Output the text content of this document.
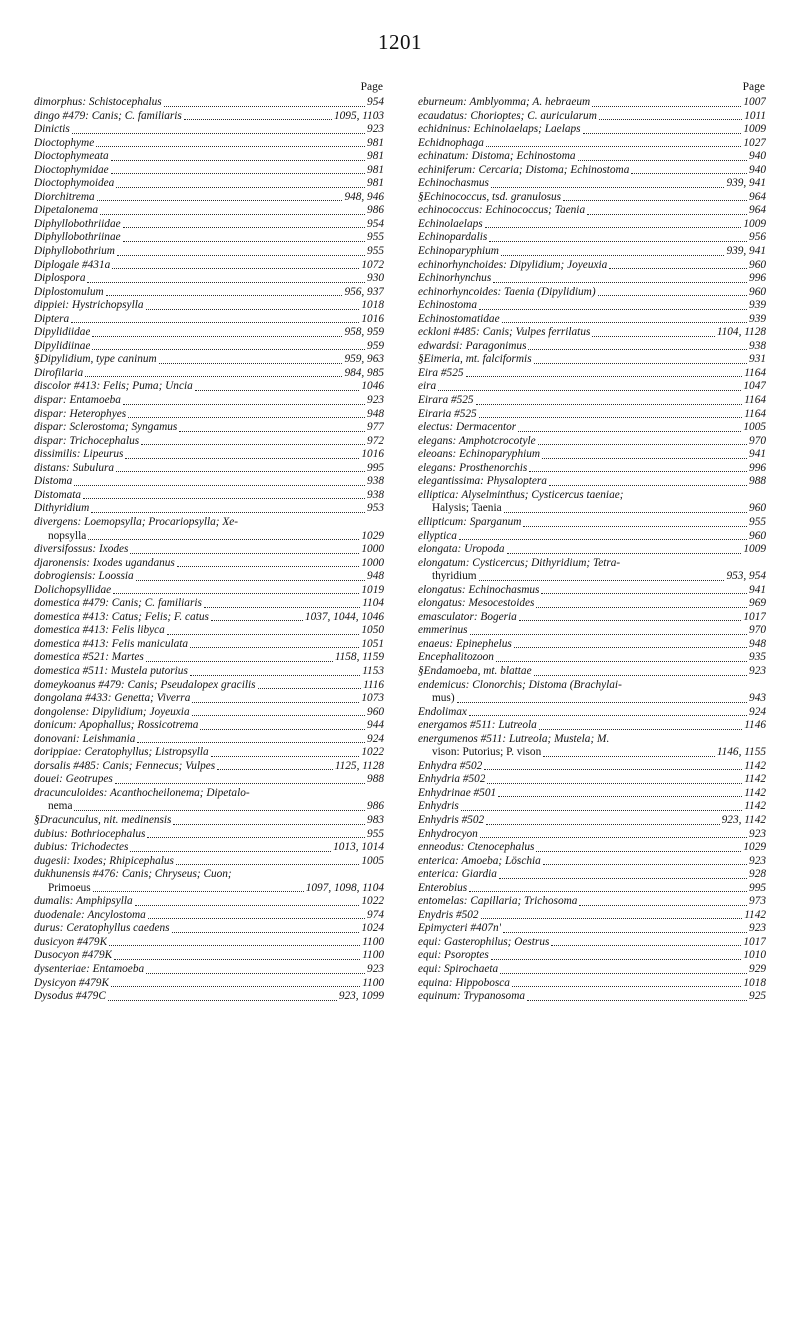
1201
Page
dimorphus: Schistocephalus	954
dingo #479: Canis; C. familiaris	1095, 1103
Dinictis	923
Dioctophyme	981
Dioctophymeata	981
Dioctophymidae	981
Dioctophymoidea	981
Diorchitrema	948, 946
Dipetalonema	986
Diphyllobothriidae	954
Diphyllobothriinae	955
Diphyllobothrium	955
Diplogale #431a	1072
Diplospora	930
Diplostomulum	956, 937
dippiei: Hystrichopsylla	1018
Diptera	1016
Dipylidiidae	958, 959
Dipylidiinae	959
§Dipylidium, type caninum	959, 963
Dirofilaria	984, 985
discolor #413: Felis; Puma; Uncia	1046
dispar: Entamoeba	923
dispar: Heterophyes	948
dispar: Sclerostoma; Syngamus	977
dispar: Trichocephalus	972
dissimilis: Lipeurus	1016
distans: Subulura	995
Distoma	938
Distomata	938
Dithyridium	953
divergens: Loemopsylla; Procariopsylla; Xe-
nopsylla	1029
diversifossus: Ixodes	1000
djaronensis: Ixodes ugandanus	1000
dobrogiensis: Loossia	948
Dolichopsyllidae	1019
domestica #479: Canis; C. familiaris	1104
domestica #413: Catus; Felis; F. catus	1037, 1044, 1046
domestica #413: Felis libyca	1050
domestica #413: Felis maniculata	1051
domestica #521: Martes	1158, 1159
domestica #511: Mustela putorius	1153
domeykoanus #479: Canis; Pseudalopex gracilis	1116
dongolana #433: Genetta; Viverra	1073
dongolense: Dipylidium; Joyeuxia	960
donicum: Apophallus; Rossicotrema	944
donovani: Leishmania	924
dorippiae: Ceratophyllus; Listropsylla	1022
dorsalis #485: Canis; Fennecus; Vulpes	1125, 1128
douei: Geotrupes	988
dracunculoides: Acanthocheilonema; Dipetalo-
nema	986
§Dracunculus, nit. medinensis	983
dubius: Bothriocephalus	955
dubius: Trichodectes	1013, 1014
dugesii: Ixodes; Rhipicephalus	1005
dukhunensis #476: Canis; Chryseus; Cuon;
Primoeus	1097, 1098, 1104
dumalis: Amphipsylla	1022
duodenale: Ancylostoma	974
durus: Ceratophyllus caedens	1024
dusicyon #479K	1100
Dusocyon #479K	1100
dysenteriae: Entamoeba	923
Dysicyon #479K	1100
Dysodus #479C	923, 1099
Page
eburneum: Amblyomma; A. hebraeum	1007
ecaudatus: Chorioptes; C. auricularum	1011
echidninus: Echinolaelaps; Laelaps	1009
Echidnophaga	1027
echinatum: Distoma; Echinostoma	940
echiniferum: Cercaria; Distoma; Echinostoma	940
Echinochasmus	939, 941
§Echinococcus, tsd. granulosus	964
echinococcus: Echinococcus; Taenia	964
Echinolaelaps	1009
Echinopardalis	956
Echinoparyphium	939, 941
echinorhynchoides: Dipylidium; Joyeuxia	960
Echinorhynchus	996
echinorhyncoides: Taenia (Dipylidium)	960
Echinostoma	939
Echinostomatidae	939
eckloni #485: Canis; Vulpes ferrilatus	1104, 1128
edwardsi: Paragonimus	938
§Eimeria, mt. falciformis	931
Eira #525	1164
eira	1047
Eirara #525	1164
Eiraria #525	1164
electus: Dermacentor	1005
elegans: Amphotcrocotyle	970
eleoans: Echinoparyphium	941
elegans: Prosthenorchis	996
elegantissima: Physaloptera	988
elliptica: Alyselminthus; Cysticercus taeniae;
Halysis; Taenia	960
ellipticum: Sparganum	955
ellyptica	960
elongata: Uropoda	1009
elongatum: Cysticercus; Dithyridium; Tetra-
thyridium	953, 954
elongatus: Echinochasmus	941
elongatus: Mesocestoides	969
emasculator: Bogeria	1017
emmerinus	970
enaeus: Epinephelus	948
Encephalitozoon	935
§Endamoeba, mt. blattae	923
endemicus: Clonorchis; Distoma (Brachylai-
mus)	943
Endolimax	924
energamos #511: Lutreola	1146
energumenos #511: Lutreola; Mustela; M.
vison: Putorius; P. vison	1146, 1155
Enhydra #502	1142
Enhydria #502	1142
Enhydrinae #501	1142
Enhydris	1142
Enhydris #502	923, 1142
Enhydrocyon	923
enneodus: Ctenocephalus	1029
enterica: Amoeba; Löschia	923
enterica: Giardia	928
Enterobius	995
entomelas: Capillaria; Trichosoma	973
Enydris #502	1142
Epimycteri #407n'	923
equi: Gasterophilus; Oestrus	1017
equi: Psoroptes	1010
equi: Spirochaeta	929
equina: Hippobosca	1018
equinum: Trypanosoma	925
